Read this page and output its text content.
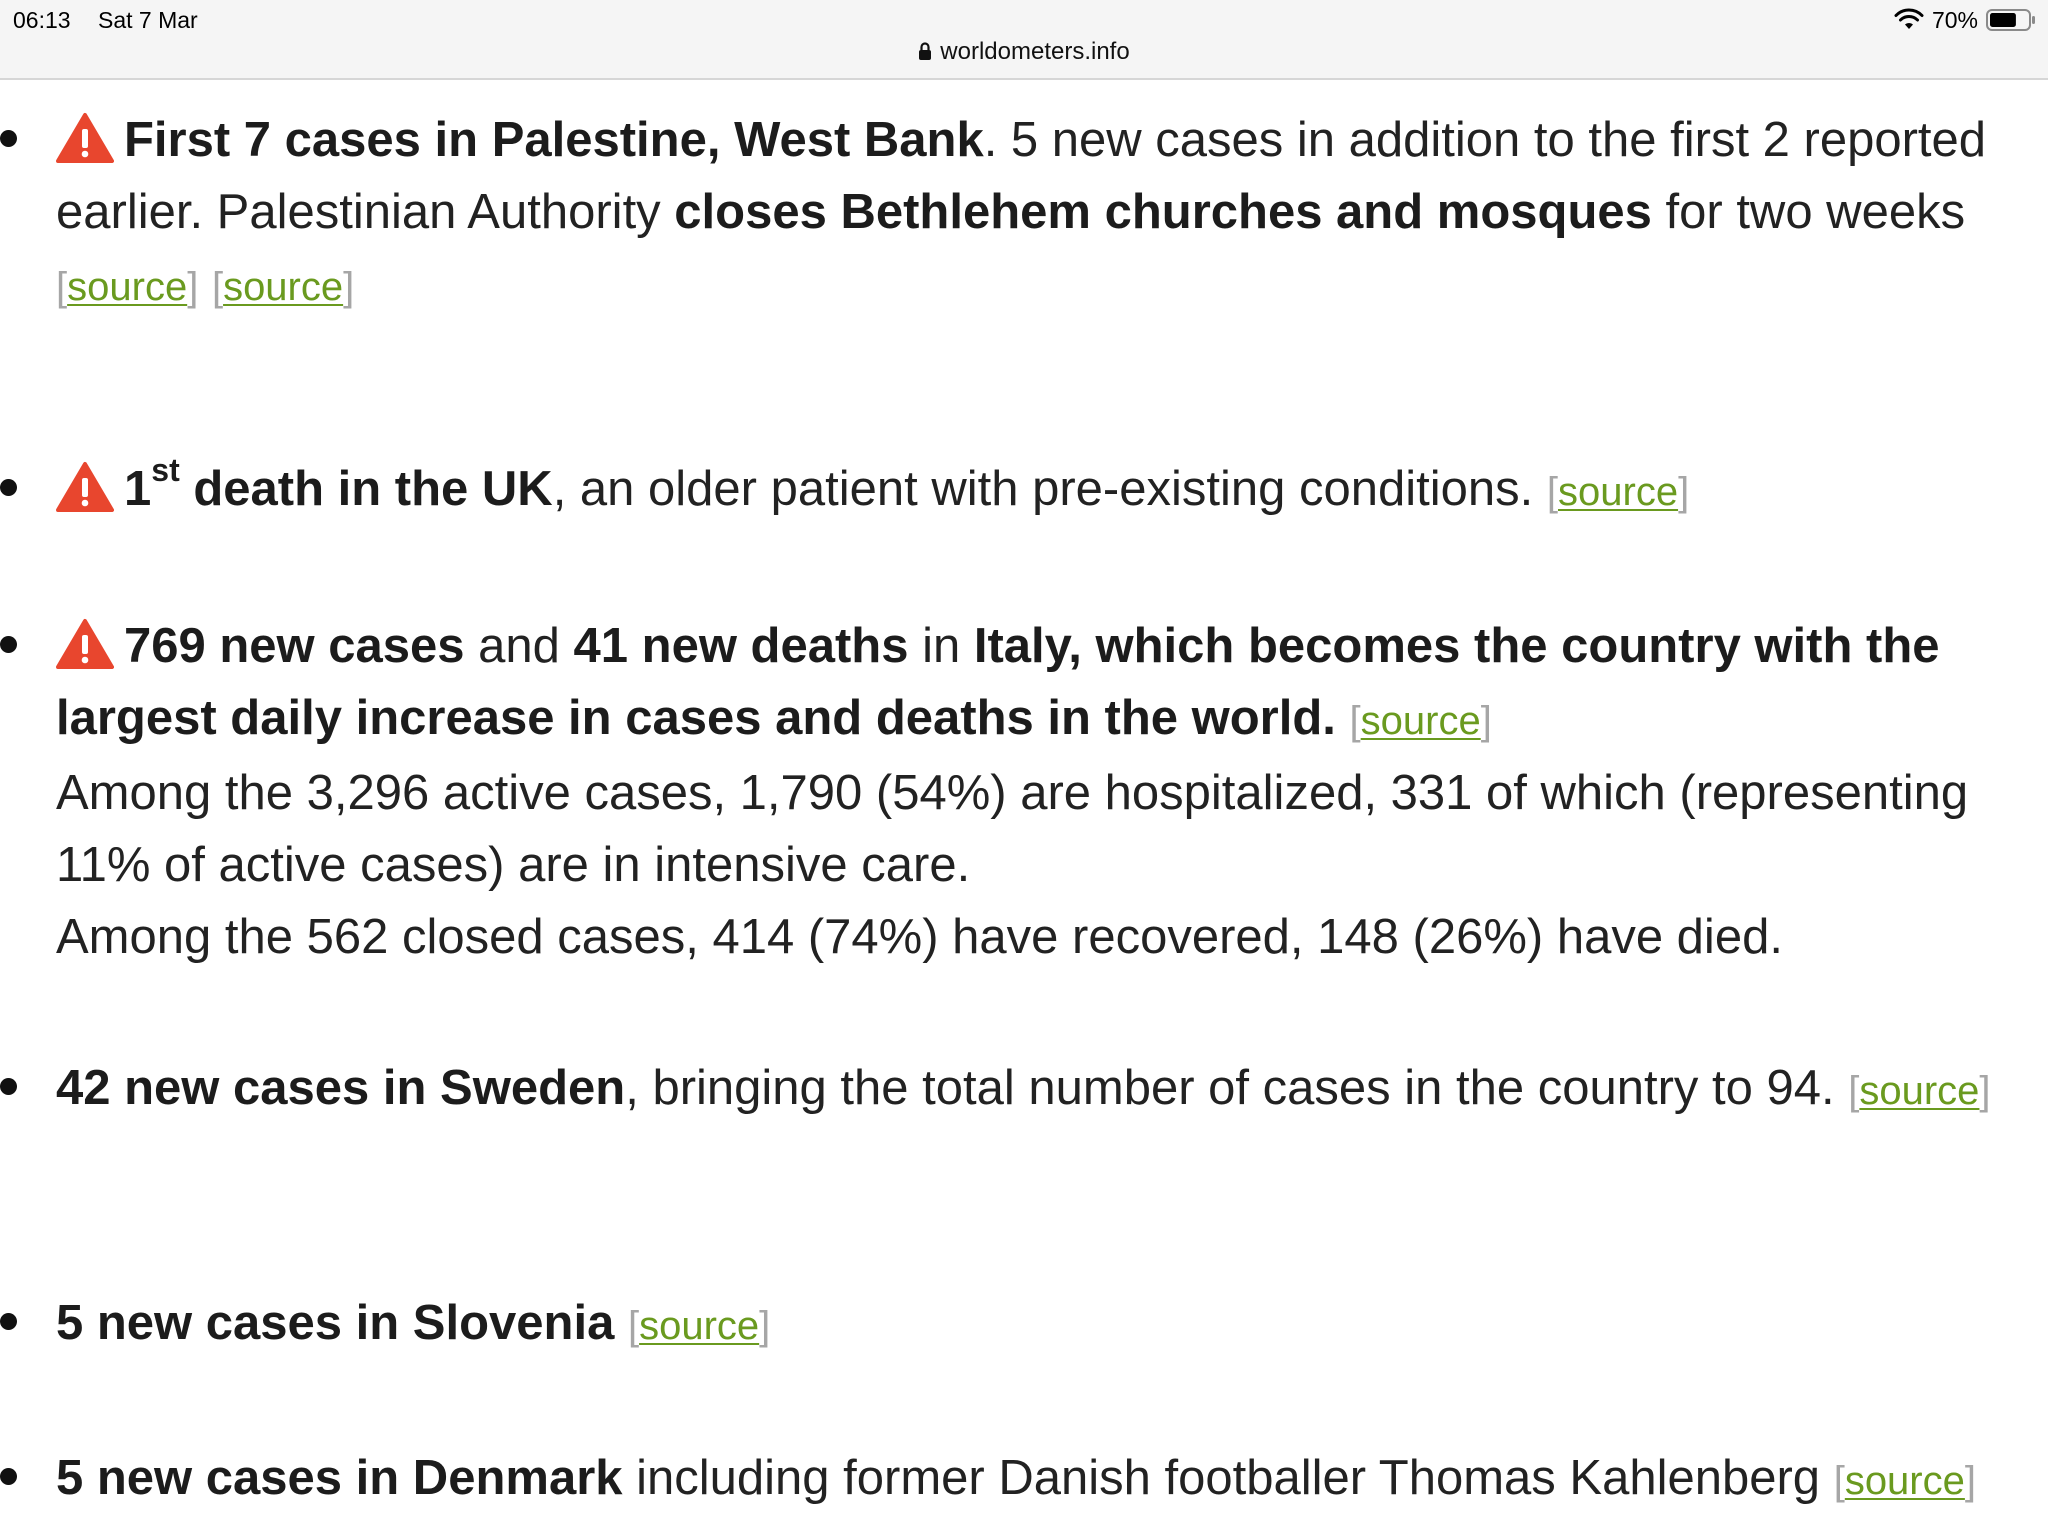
06:13 Sat 7 Mar	70%
worldometers.info
First 7 cases in Palestine, West Bank. 5 new cases in addition to the first 2 reported earlier. Palestinian Authority closes Bethlehem churches and mosques for two weeks [source] [source]
1st death in the UK, an older patient with pre-existing conditions. [source]
769 new cases and 41 new deaths in Italy, which becomes the country with the largest daily increase in cases and deaths in the world. [source]
Among the 3,296 active cases, 1,790 (54%) are hospitalized, 331 of which (representing 11% of active cases) are in intensive care.
Among the 562 closed cases, 414 (74%) have recovered, 148 (26%) have died.
42 new cases in Sweden, bringing the total number of cases in the country to 94. [source]
5 new cases in Slovenia [source]
5 new cases in Denmark including former Danish footballer Thomas Kahlenberg [source]
